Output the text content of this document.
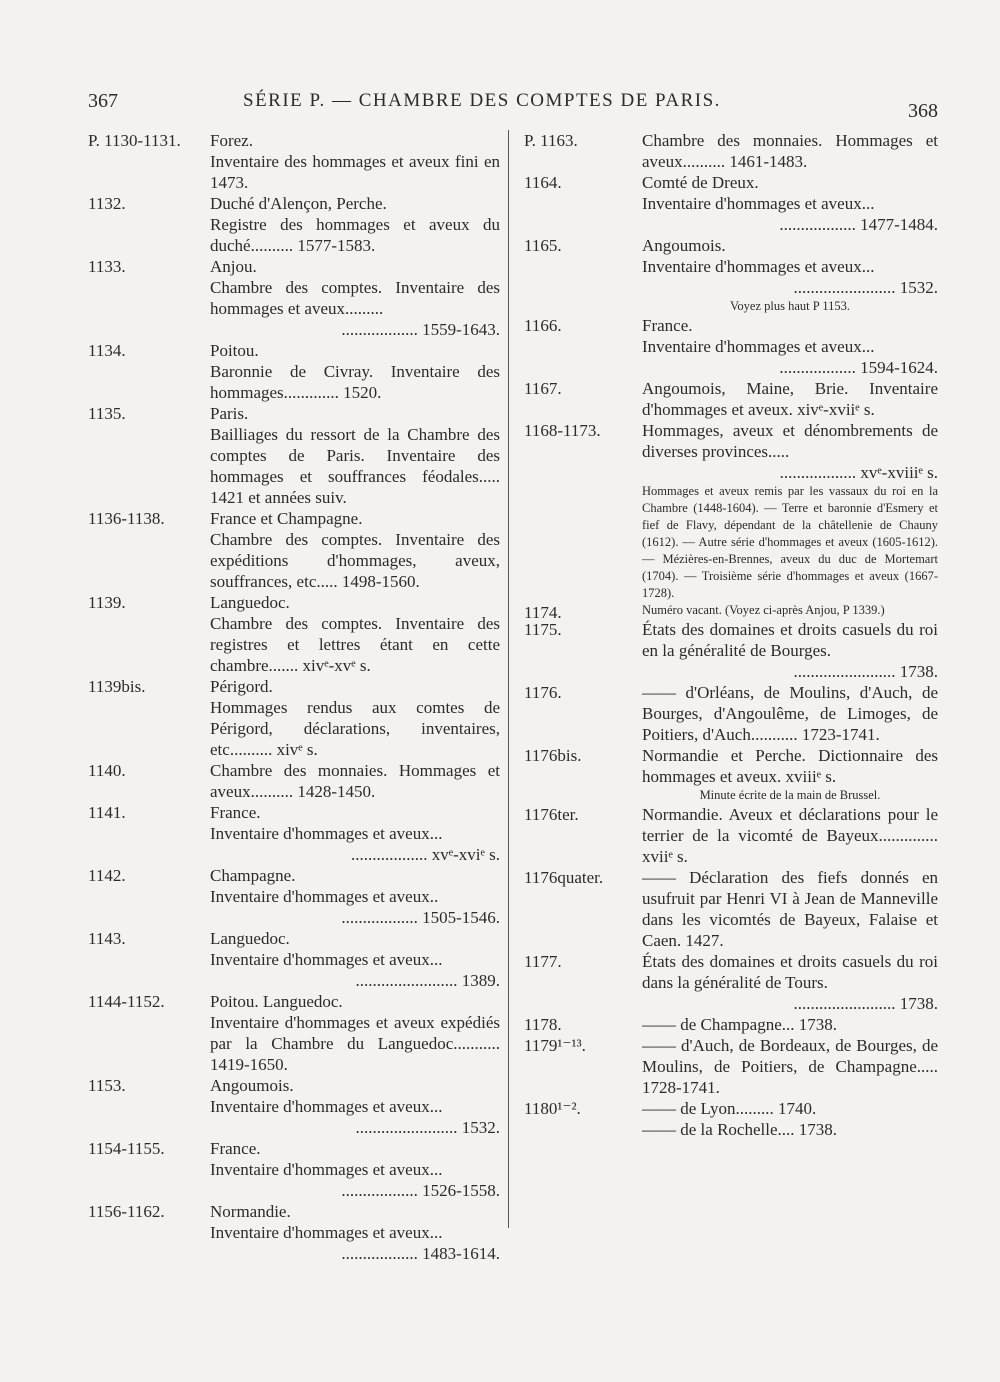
367	SÉRIE P. — CHAMBRE DES COMPTES DE PARIS.	368
P. 1130-1131. Forez.

Inventaire des hommages et aveux fini en 1473.

1132.	Duché d'Alençon, Perche.

Registre des hommages et aveux du duché.......... 1577-1583.

1133.	Anjou.

Chambre des comptes. Inventaire des hommages et aveux.........

.................. 1559-1643.

1134.	Poitou.

Baronnie de Civray. Inventaire des hommages............. 1520.

1135.	Paris.

Bailliages du ressort de la Chambre des comptes de Paris. Inventaire des hommages et souffrances féodales..... 1421 et années suiv.

1136-1138.	France et Champagne.

Chambre des comptes. Inventaire des expéditions d'hommages, aveux, souffrances, etc..... 1498-1560.

1139.	Languedoc.

Chambre des comptes. Inventaire des registres et lettres étant en cette chambre....... xivᵉ-xvᵉ s.

1139bis.	Périgord.

Hommages rendus aux comtes de Périgord, déclarations, inventaires, etc.......... xivᵉ s.

1140.	Chambre des monnaies. Hommages et aveux.......... 1428-1450.

1141.	France.

Inventaire d'hommages et aveux...

.................. xvᵉ-xviᵉ s.

1142.	Champagne.

Inventaire d'hommages et aveux..

.................. 1505-1546.

1143.	Languedoc.

Inventaire d'hommages et aveux...

........................ 1389.

1144-1152.	Poitou. Languedoc.

Inventaire d'hommages et aveux expédiés par la Chambre du Languedoc........... 1419-1650.

1153.	Angoumois.

Inventaire d'hommages et aveux...

........................ 1532.

1154-1155.	France.

Inventaire d'hommages et aveux...

.................. 1526-1558.

1156-1162.	Normandie.

Inventaire d'hommages et aveux...

.................. 1483-1614.

P. 1163.	Chambre des monnaies. Hommages et aveux.......... 1461-1483.

1164.	Comté de Dreux.

Inventaire d'hommages et aveux...

.................. 1477-1484.

1165.	Angoumois.

Inventaire d'hommages et aveux...

........................ 1532.

Voyez plus haut P 1153.

1166.	France.

Inventaire d'hommages et aveux...

.................. 1594-1624.

1167.	Angoumois, Maine, Brie. Inventaire d'hommages et aveux. xivᵉ-xviiᵉ s.

1168-1173. Hommages, aveux et dénombrements de diverses provinces.....

.................. xvᵉ-xviiiᵉ s.

Hommages et aveux remis par les vassaux du roi en la Chambre (1448-1604). — Terre et baronnie d'Esmery et fief de Flavy, dépendant de la châtellenie de Chauny (1612). — Autre série d'hommages et aveux (1605-1612). — Mézières-en-Brennes, aveux du duc de Mortemart (1704). — Troisième série d'hommages et aveux (1667-1728).

1174.	Numéro vacant. (Voyez ci-après Anjou, P 1339.)

1175.	États des domaines et droits casuels du roi en la généralité de Bourges.

........................ 1738.

1176.	—— d'Orléans, de Moulins, d'Auch, de Bourges, d'Angoulême, de Limoges, de Poitiers, d'Auch........... 1723-1741.

1176bis.	Normandie et Perche. Dictionnaire des hommages et aveux. xviiiᵉ s.

Minute écrite de la main de Brussel.

1176ter.	Normandie. Aveux et déclarations pour le terrier de la vicomté de Bayeux.............. xviiᵉ s.

1176quater. —— Déclaration des fiefs donnés en usufruit par Henri VI à Jean de Manneville dans les vicomtés de Bayeux, Falaise et Caen. 1427.

1177.	États des domaines et droits casuels du roi dans la généralité de Tours.

........................ 1738.

1178.	—— de Champagne... 1738.

1179¹⁻¹³.	—— d'Auch, de Bordeaux, de Bourges, de Moulins, de Poitiers, de Champagne..... 1728-1741.

1180¹⁻².	—— de Lyon......... 1740.

—— de la Rochelle.... 1738.
